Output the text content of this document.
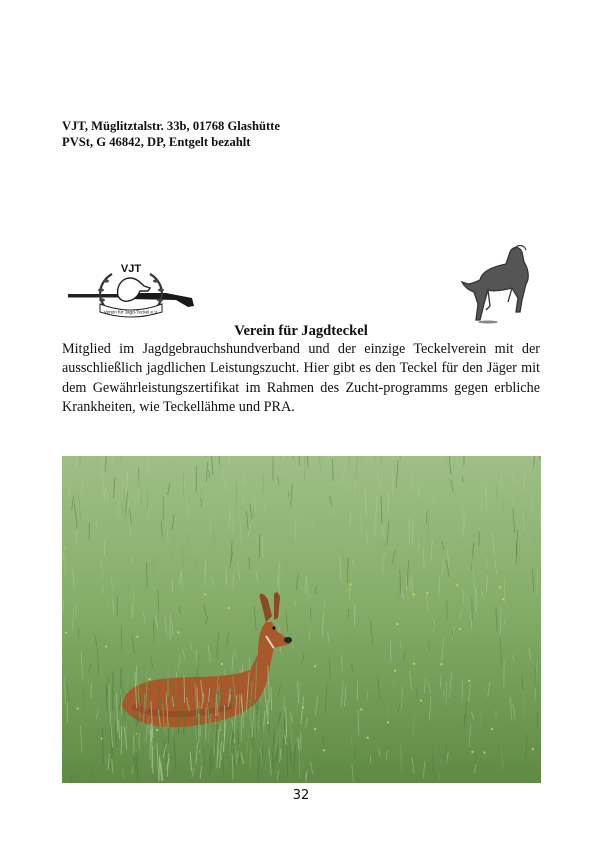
VJT, Müglitztalstr. 33b, 01768 Glashütte
PVSt, G 46842, DP, Entgelt bezahlt
VJT
Verein für Jagd-Teckel e.V.
Verein für Jagdteckel
Mitglied im Jagdgebrauchshundverband und der einzige Teckelverein mit der ausschließlich jagdlichen Leistungszucht. Hier gibt es den Teckel für den Jäger mit dem Gewährleistungszertifikat im Rahmen des Zucht-programms gegen erbliche Krankheiten, wie Teckellähme und PRA.
32
